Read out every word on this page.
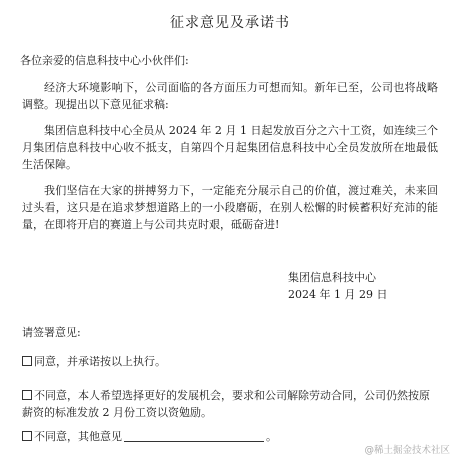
征求意见及承诺书
各位亲爱的信息科技中心小伙伴们:
经济大环境影响下，公司面临的各方面压力可想而知。新年已至，公司也将战略调整。现提出以下意见征求稿:
集团信息科技中心全员从 2024 年 2 月 1 日起发放百分之六十工资，如连续三个月集团信息科技中心收不抵支，自第四个月起集团信息科技中心全员发放所在地最低生活保障。
我们坚信在大家的拼搏努力下，一定能充分展示自己的价值，渡过难关，未来回过头看，这只是在追求梦想道路上的一小段磨砺，在别人松懈的时候蓄积好充沛的能量，在即将开启的赛道上与公司共克时艰，砥砺奋进!
集团信息科技中心
2024 年 1 月 29 日
请签署意见:
同意，并承诺按以上执行。
不同意，本人希望选择更好的发展机会，要求和公司解除劳动合同，公司仍然按原薪资的标准发放 2 月份工资以资勉励。
不同意，其他意见	。
@稀土掘金技术社区
